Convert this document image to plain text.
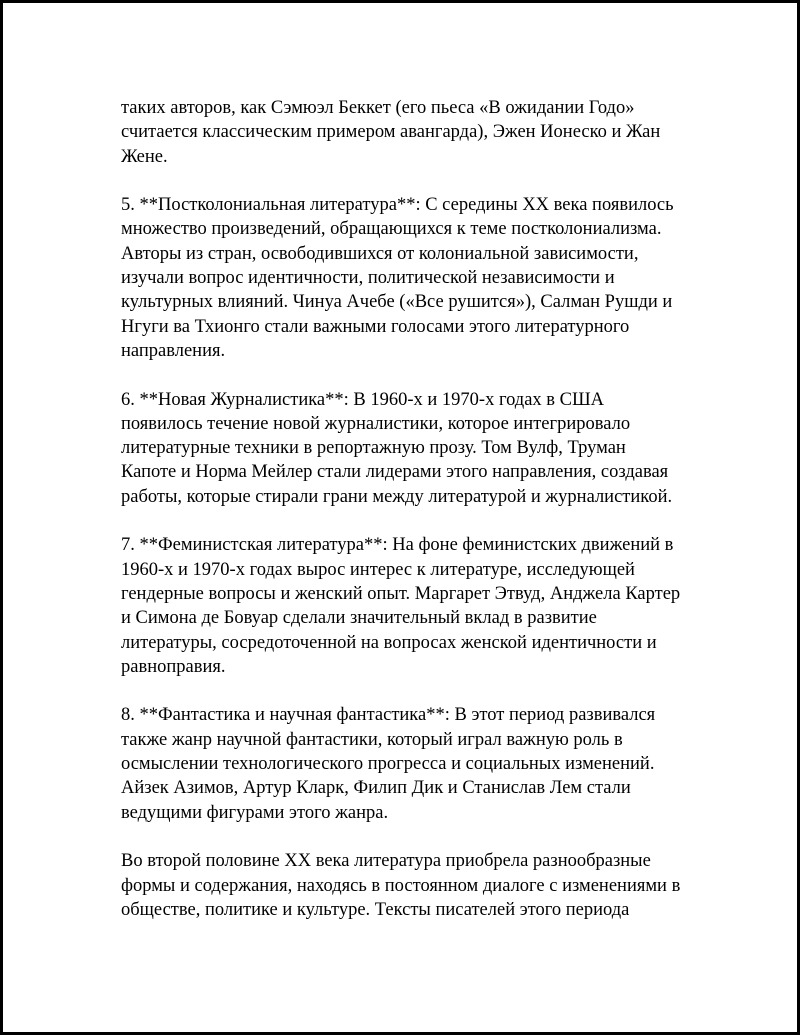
таких авторов, как Сэмюэл Беккет (его пьеса «В ожидании Годо»
считается классическим примером авангарда), Эжен Ионеско и Жан
Жене.

5. **Постколониальная литература**: С середины XX века появилось
множество произведений, обращающихся к теме постколониализма.
Авторы из стран, освободившихся от колониальной зависимости,
изучали вопрос идентичности, политической независимости и
культурных влияний. Чинуа Ачебе («Все рушится»), Салман Рушди и
Нгуги ва Тхионго стали важными голосами этого литературного
направления.

6. **Новая Журналистика**: В 1960-х и 1970-х годах в США
появилось течение новой журналистики, которое интегрировало
литературные техники в репортажную прозу. Том Вулф, Труман
Капоте и Норма Мейлер стали лидерами этого направления, создавая
работы, которые стирали грани между литературой и журналистикой.

7. **Феминистская литература**: На фоне феминистских движений в
1960-х и 1970-х годах вырос интерес к литературе, исследующей
гендерные вопросы и женский опыт. Маргарет Этвуд, Анджела Картер
и Симона де Бовуар сделали значительный вклад в развитие
литературы, сосредоточенной на вопросах женской идентичности и
равноправия.

8. **Фантастика и научная фантастика**: В этот период развивался
также жанр научной фантастики, который играл важную роль в
осмыслении технологического прогресса и социальных изменений.
Айзек Азимов, Артур Кларк, Филип Дик и Станислав Лем стали
ведущими фигурами этого жанра.

Во второй половине XX века литература приобрела разнообразные
формы и содержания, находясь в постоянном диалоге с изменениями в
обществе, политике и культуре. Тексты писателей этого периода
